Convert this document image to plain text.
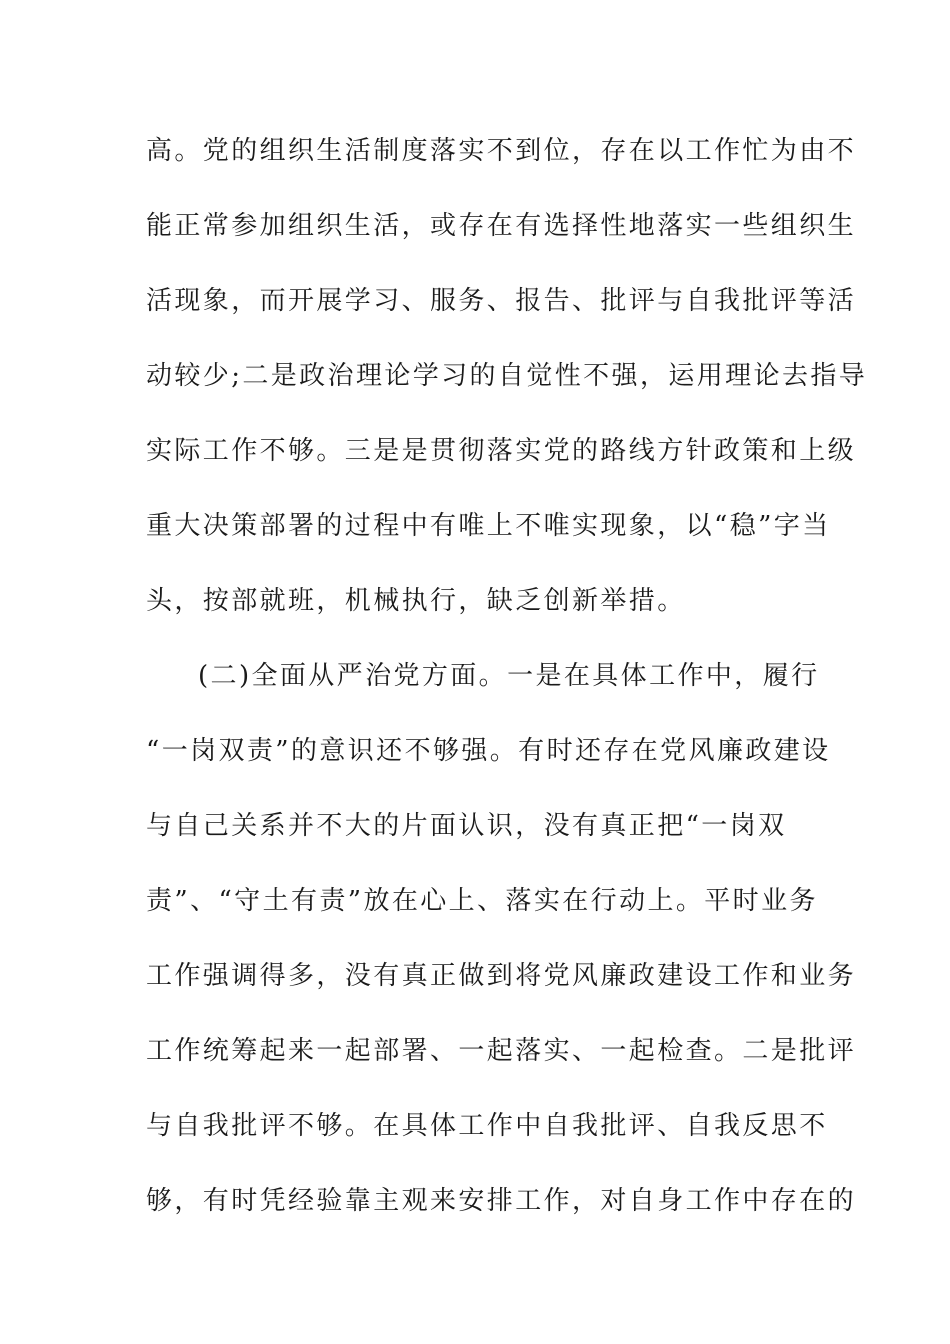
高。党的组织生活制度落实不到位，存在以工作忙为由不
能正常参加组织生活，或存在有选择性地落实一些组织生
活现象，而开展学习、服务、报告、批评与自我批评等活
动较少;二是政治理论学习的自觉性不强，运用理论去指导
实际工作不够。三是是贯彻落实党的路线方针政策和上级
重大决策部署的过程中有唯上不唯实现象，以“稳”字当
头，按部就班，机械执行，缺乏创新举措。
(二)全面从严治党方面。一是在具体工作中，履行
“一岗双责”的意识还不够强。有时还存在党风廉政建设
与自己关系并不大的片面认识，没有真正把“一岗双
责”、“守土有责”放在心上、落实在行动上。平时业务
工作强调得多，没有真正做到将党风廉政建设工作和业务
工作统筹起来一起部署、一起落实、一起检查。二是批评
与自我批评不够。在具体工作中自我批评、自我反思不
够，有时凭经验靠主观来安排工作，对自身工作中存在的
